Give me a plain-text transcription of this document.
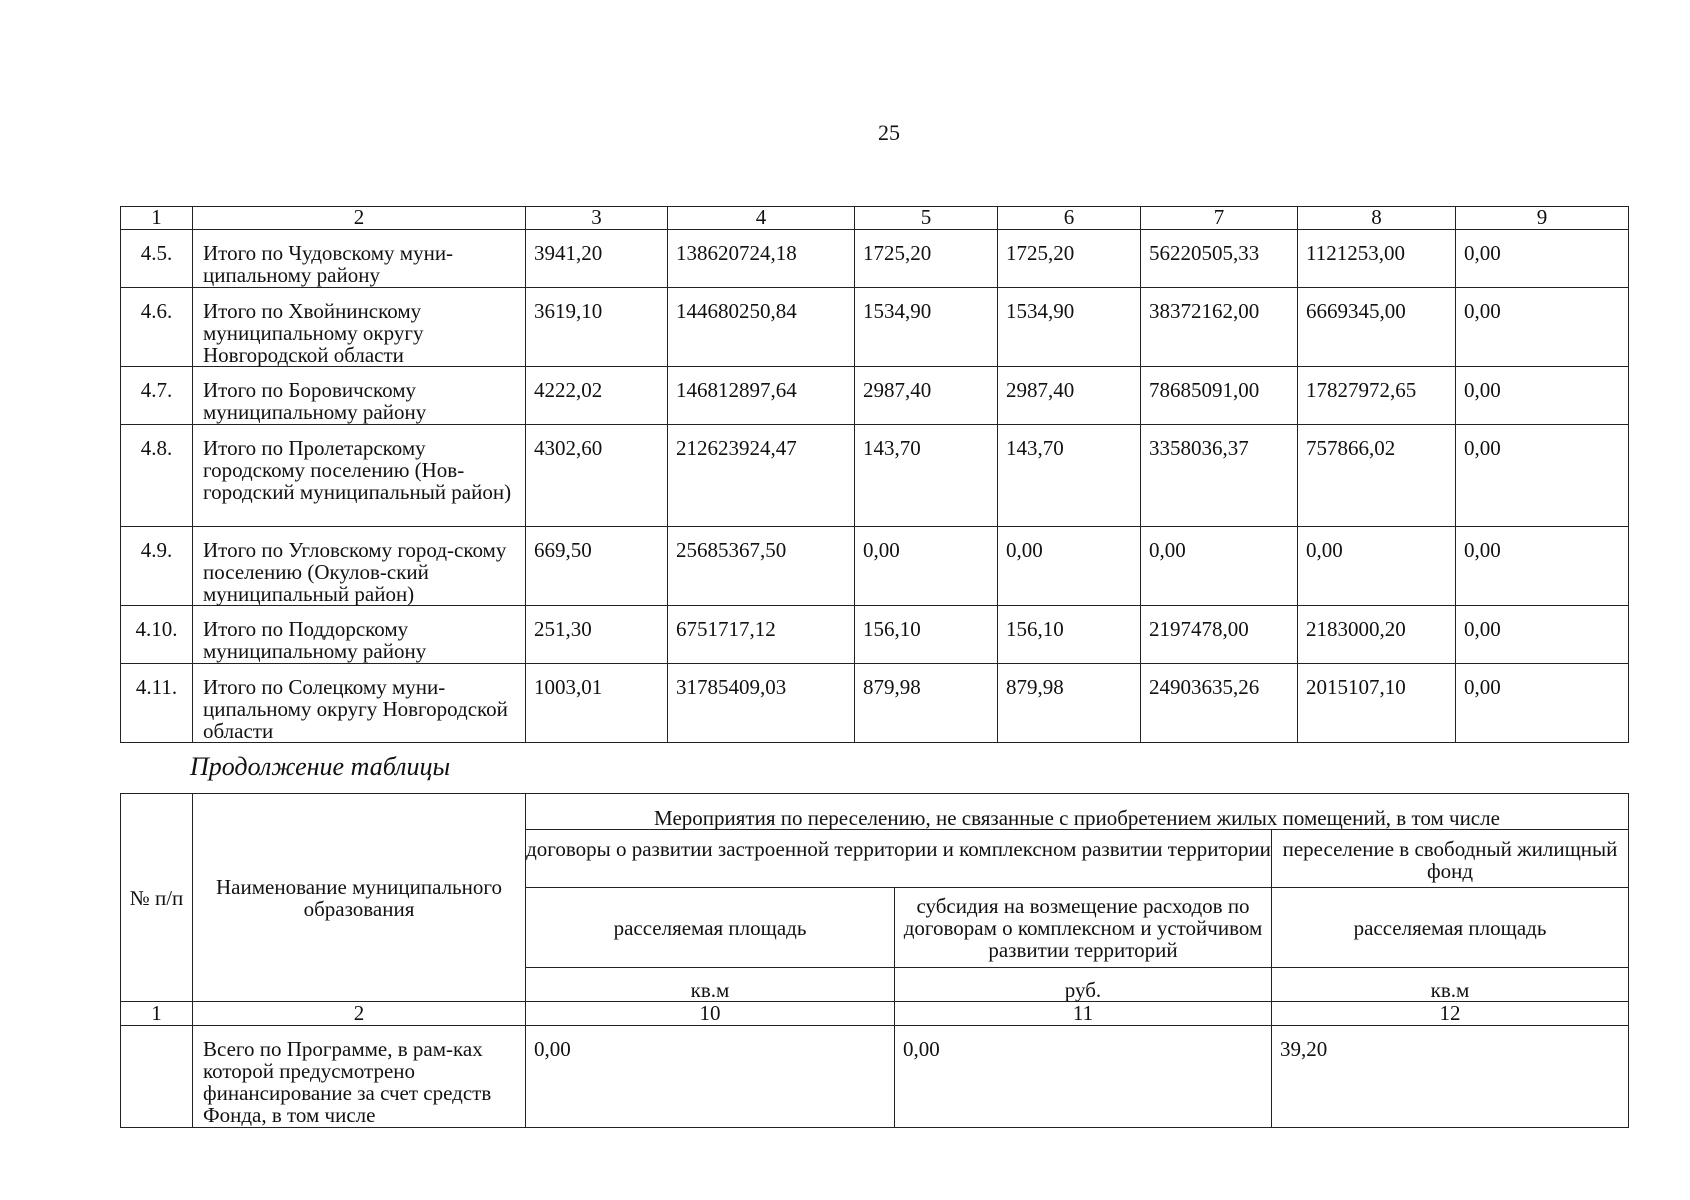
25
1	2	3	4	5	6	7	8	9
4.5.	Итого по Чудовскому муни-ципальному району	3941,20	138620724,18	1725,20	1725,20	56220505,33	1121253,00	0,00
4.6.	Итого по Хвойнинскому муниципальному округу Новгородской области	3619,10	144680250,84	1534,90	1534,90	38372162,00	6669345,00	0,00
4.7.	Итого по Боровичскому муниципальному району	4222,02	146812897,64	2987,40	2987,40	78685091,00	17827972,65	0,00
4.8.	Итого по Пролетарскому городскому поселению (Нов-городский муниципальный район)	4302,60	212623924,47	143,70	143,70	3358036,37	757866,02	0,00
4.9.	Итого по Угловскому город-скому поселению (Окулов-ский муниципальный район)	669,50	25685367,50	0,00	0,00	0,00	0,00	0,00
4.10.	Итого по Поддорскому муниципальному району	251,30	6751717,12	156,10	156,10	2197478,00	2183000,20	0,00
4.11.	Итого по Солецкому муни-ципальному округу Новгородской области	1003,01	31785409,03	879,98	879,98	24903635,26	2015107,10	0,00
Продолжение таблицы
№ п/п	Наименование муниципального образования	Мероприятия по переселению, не связанные с приобретением жилых помещений, в том числе		
		договоры о развитии застроенной территории и комплексном развитии территории		переселение в свободный жилищный фонд
		расселяемая площадь	субсидия на возмещение расходов по договорам о комплексном и устойчивом развитии территорий	расселяемая площадь
		кв.м	руб.	кв.м
1	2	10	11	12
	Всего по Программе, в рам-ках которой предусмотрено финансирование за счет средств Фонда, в том числе	0,00	0,00	39,20
